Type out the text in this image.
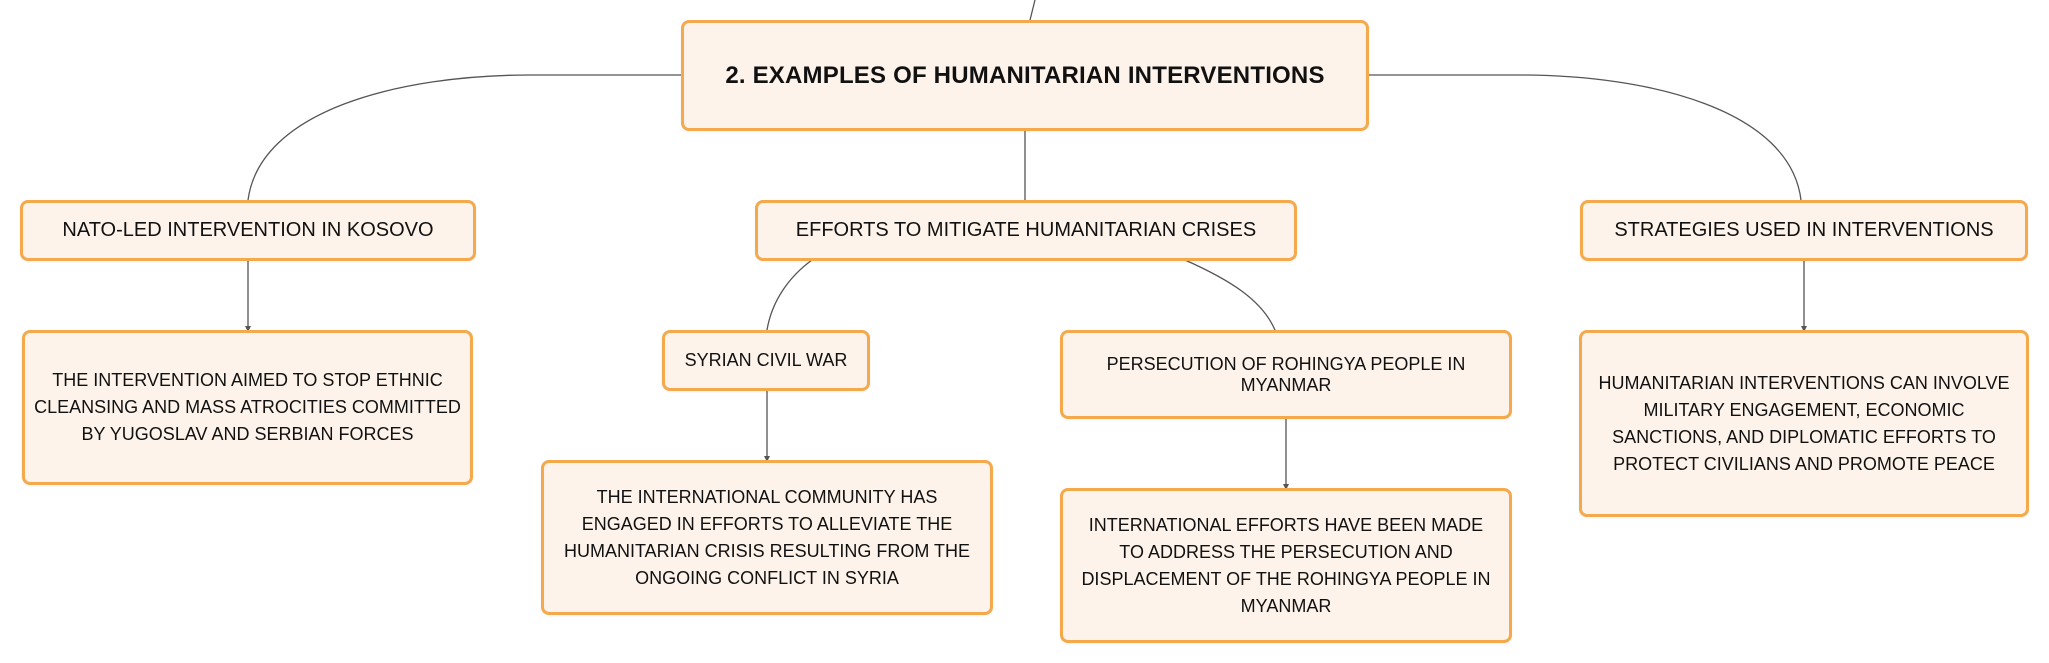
2. EXAMPLES OF HUMANITARIAN INTERVENTIONS
NATO-LED INTERVENTION IN KOSOVO
THE INTERVENTION AIMED TO STOP ETHNIC CLEANSING AND MASS ATROCITIES COMMITTED BY YUGOSLAV AND SERBIAN FORCES
EFFORTS TO MITIGATE HUMANITARIAN CRISES
SYRIAN CIVIL WAR
THE INTERNATIONAL COMMUNITY HAS ENGAGED IN EFFORTS TO ALLEVIATE THE HUMANITARIAN CRISIS RESULTING FROM THE ONGOING CONFLICT IN SYRIA
PERSECUTION OF ROHINGYA PEOPLE IN MYANMAR
INTERNATIONAL EFFORTS HAVE BEEN MADE TO ADDRESS THE PERSECUTION AND DISPLACEMENT OF THE ROHINGYA PEOPLE IN MYANMAR
STRATEGIES USED IN INTERVENTIONS
HUMANITARIAN INTERVENTIONS CAN INVOLVE MILITARY ENGAGEMENT, ECONOMIC SANCTIONS, AND DIPLOMATIC EFFORTS TO PROTECT CIVILIANS AND PROMOTE PEACE
